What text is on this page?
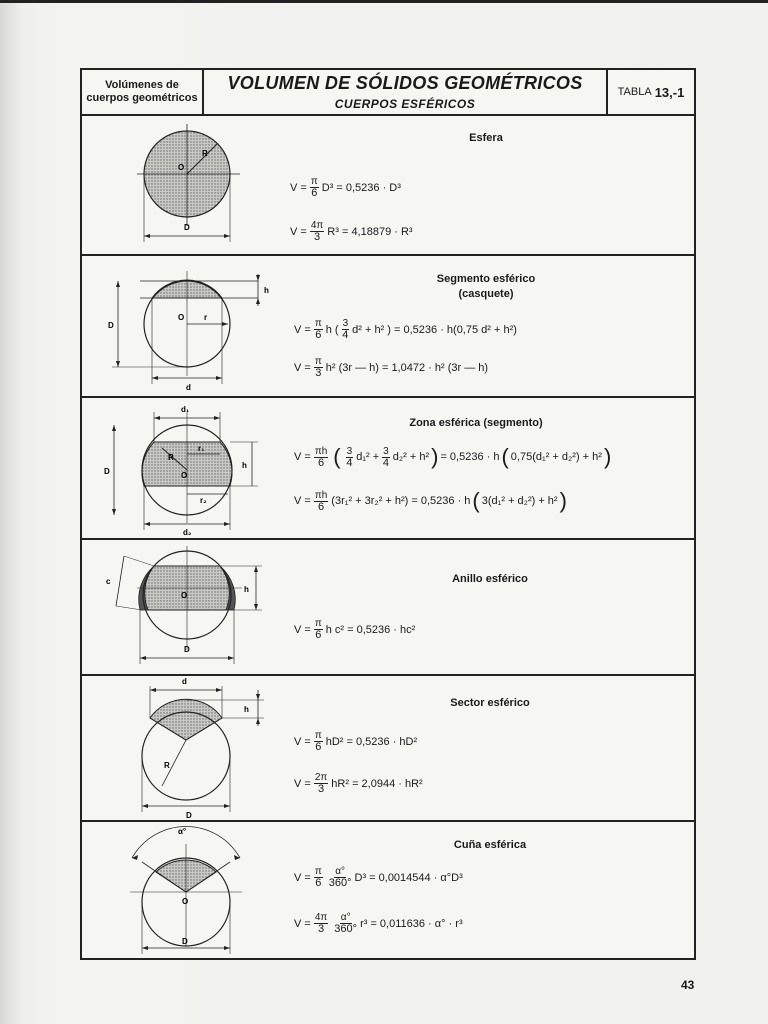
Volúmenes de
cuerpos geométricos
VOLUMEN DE SÓLIDOS GEOMÉTRICOS
CUERPOS ESFÉRICOS
TABLA 13,-1
O
R
D
Esfera
$V = \frac{\pi}{6} D^3 = 0,5236 \cdot D^3$
$V = \frac{4\pi}{3} R^3 = 4,18879 \cdot R^3$
O r
D
h
d
Segmento esférico
(casquete)
$V = \frac{\pi}{6}$ h ( 3
4 d² + h² ) = 0,5236 · h(0,75 d² + h²)
$V = \frac{\pi}{3} h^2$ (3r — h) = 1,0472 · h² (3r — h)
d₁
d₂
r₁
r₂
R
O
D
h
Zona esférica (segmento)
$V = \frac{\pi h}{6}$ ( 3
4 $d_1^2 + \frac{3}{4} d_2^2 + h^2$ ) = 0,5236 · h ( 0,75(d₁² + d₂²) + h² )
$V = \frac{\pi h}{6} (3r_1^2 + 3r_2^2 + h^2) = 0,5236 \cdot h$ ( 3(d₁² + d₂²) + h² )
O
c
h
D
Anillo esférico
$V = \frac{\pi}{6}$ h c² = 0,5236 · hc²
d
h
R
D
Sector esférico
$V = \frac{\pi}{6} hD^2 = 0,5236 \cdot hD^2$
$V = \frac{2\pi}{3} hR^2 = 2,0944 \cdot hR^2$
α°
O
D
Cuña esférica
$V = \frac{\pi}{6} \alpha^\circ$
360° D³ = 0,0014544 · α°D³
$V = \frac{4\pi}{3} \alpha^\circ$
360° r³ = 0,011636 · α° · r³
43
